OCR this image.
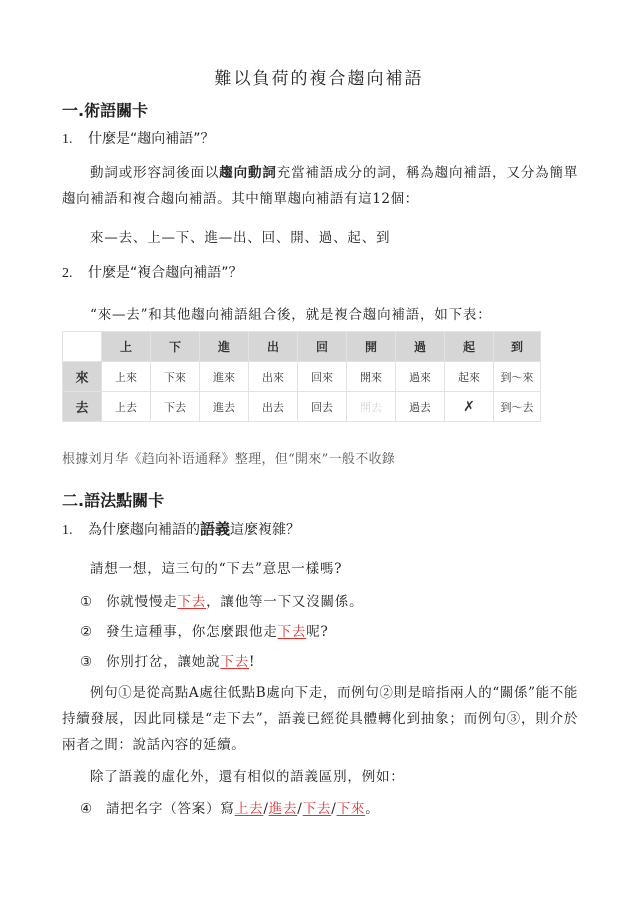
難以負荷的複合趨向補語
一.術語關卡
1. 什麼是“趨向補語”？
動詞或形容詞後面以趨向動詞充當補語成分的詞，稱為趨向補語，又分為簡單趨向補語和複合趨向補語。其中簡單趨向補語有這12個：
來—去、上—下、進—出、回、開、過、起、到
2. 什麼是“複合趨向補語”？
“來—去”和其他趨向補語組合後，就是複合趨向補語，如下表：
	上	下	進	出	回	開	過	起	到
來	上來	下來	進來	出來	回來	開來	過來	起來	到～來
去	上去	下去	進去	出去	回去	開去	過去	✗	到～去
根據刘月华《趋向补语通释》整理，但“開來”一般不收錄
二.語法點關卡
1. 為什麼趨向補語的語義這麼複雜？
請想一想，這三句的“下去”意思一樣嗎?
① 你就慢慢走下去，讓他等一下又沒關係。
② 發生這種事，你怎麼跟他走下去呢?
③ 你別打岔，讓她說下去!
例句①是從高點A處往低點B處向下走，而例句②則是暗指兩人的“關係”能不能持續發展，因此同樣是“走下去”，語義已經從具體轉化到抽象；而例句③，則介於兩者之間：說話內容的延續。
除了語義的虛化外，還有相似的語義區別，例如：
④ 請把名字（答案）寫上去/進去/下去/下來。
